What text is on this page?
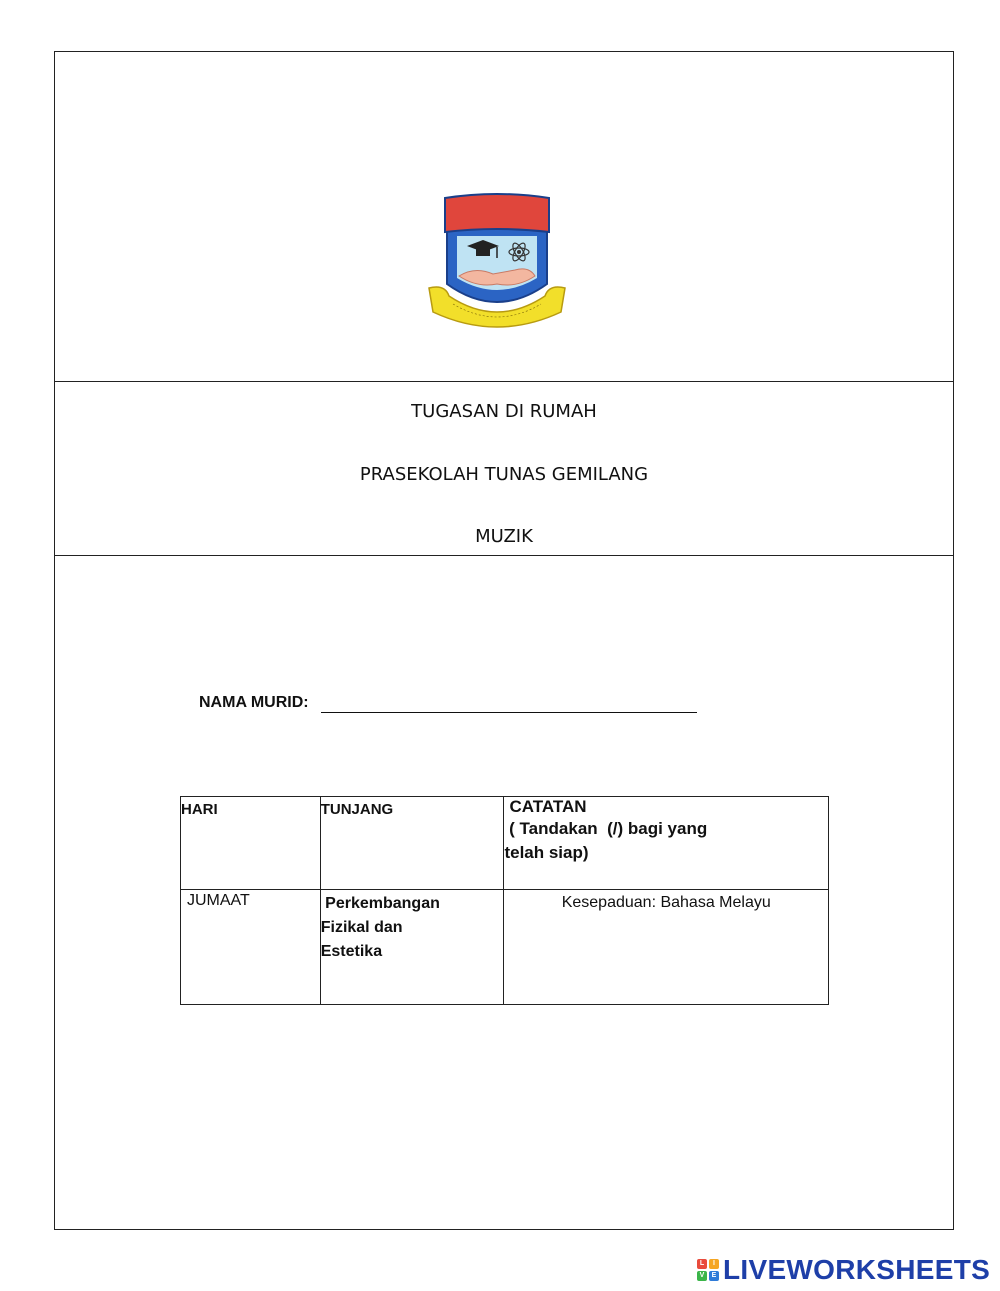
TUGASAN DI RUMAH
PRASEKOLAH TUNAS GEMILANG
MUZIK
NAMA MURID:
HARI	TUNJANG	CATATAN
( Tandakan  (/) bagi yang
telah siap)

JUMAAT	Perkembangan
Fizikal dan
Estetika	Kesepaduan: Bahasa Melayu
L	I
V	E LIVEWORKSHEETS
